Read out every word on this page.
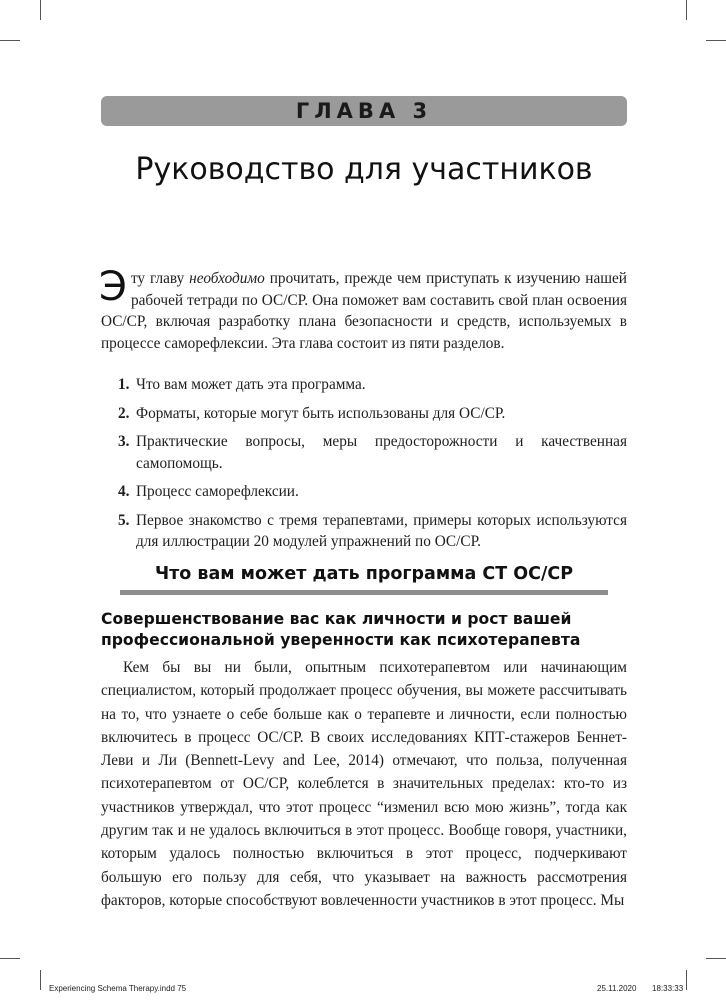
ГЛАВА 3
Руководство для участников

Эту главу необходимо прочитать, прежде чем приступать к изучению нашей рабочей тетради по ОС/СР. Она поможет вам составить свой план освоения ОС/СР, включая разработку плана безопасности и средств, используемых в процессе саморефлексии. Эта глава состоит из пяти разделов.

1. Что вам может дать эта программа.
2. Форматы, которые могут быть использованы для ОС/СР.
3. Практические вопросы, меры предосторожности и качественная самопомощь.
4. Процесс саморефлексии.
5. Первое знакомство с тремя терапевтами, примеры которых используются для иллюстрации 20 модулей упражнений по ОС/СР.
Что вам может дать программа СТ ОС/СР
Совершенствование вас как личности и рост вашей профессиональной уверенности как психотерапевта

Кем бы вы ни были, опытным психотерапевтом или начинающим специалистом, который продолжает процесс обучения, вы можете рассчитывать на то, что узнаете о себе больше как о терапевте и личности, если полностью включитесь в процесс ОС/СР. В своих исследованиях КПТ-стажеров Беннет-Леви и Ли (Bennett-Levy and Lee, 2014) отмечают, что польза, полученная психотерапевтом от ОС/СР, колеблется в значительных пределах: кто-то из участников утверждал, что этот процесс “изменил всю мою жизнь”, тогда как другим так и не удалось включиться в этот процесс. Вообще говоря, участники, которым удалось полностью включиться в этот процесс, подчеркивают большую его пользу для себя, что указывает на важность рассмотрения факторов, которые способствуют вовлеченности участников в этот процесс. Мы

Experiencing Schema Therapy.indd 75	25.11.2020 18:33:33
